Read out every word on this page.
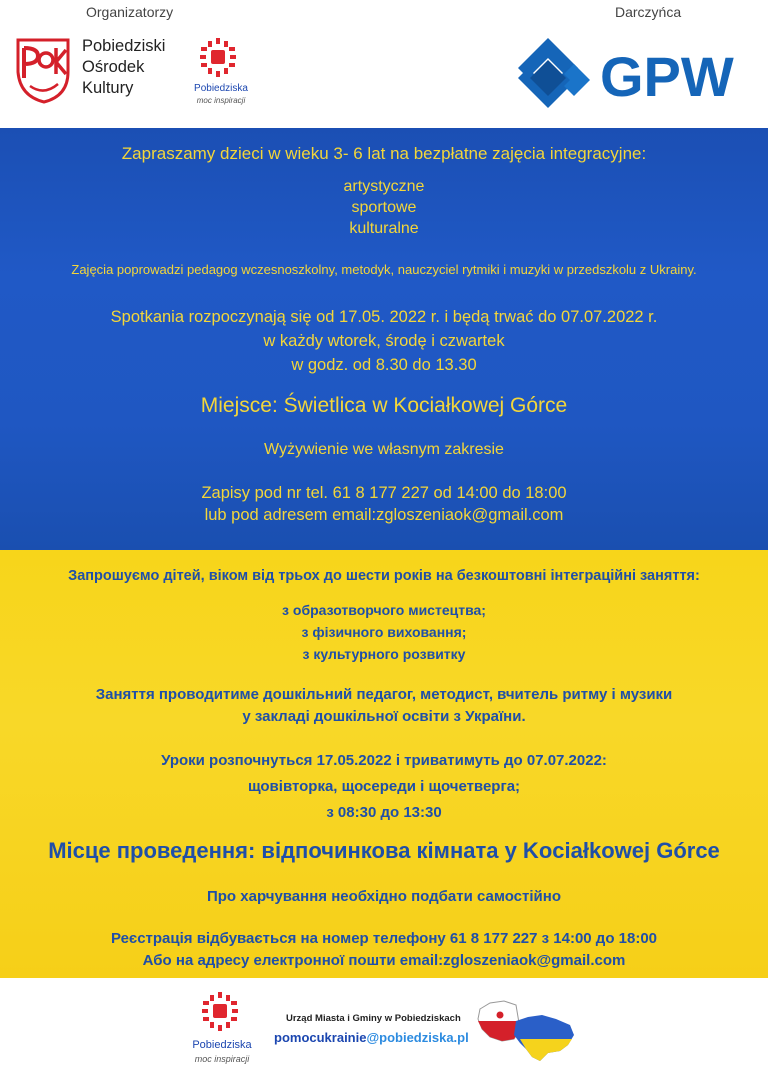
Organizatorzy	Darczyńca
Pobiedziski
Ośrodek
Kultury	Pobiedziska
moc inspiracji	GPW
Zapraszamy dzieci w wieku 3- 6 lat na bezpłatne zajęcia integracyjne:
artystyczne
sportowe
kulturalne
Zajęcia poprowadzi pedagog wczesnoszkolny, metodyk, nauczyciel rytmiki i muzyki w przedszkolu z Ukrainy.
Spotkania rozpoczynają się od 17.05. 2022 r. i będą trwać do 07.07.2022 r.
w każdy wtorek, środę i czwartek
w godz. od 8.30 do 13.30
Miejsce: Świetlica w Kociałkowej Górce
Wyżywienie we własnym zakresie
Zapisy pod nr tel. 61 8 177 227 od 14:00 do 18:00
lub pod adresem email:zgloszeniaok@gmail.com
Запрошуємо дітей, віком від трьох до шести років на безкоштовні інтеграційні заняття:
з образотворчого мистецтва;
з фізичного виховання;
з культурного розвитку
Заняття проводитиме дошкільний педагог, методист, вчитель ритму і музики
у закладі дошкільної освіти з України.
Уроки розпочнуться 17.05.2022 і триватимуть до 07.07.2022:
щовівторка, щосереди і щочетверга;
з 08:30 до 13:30
Місце проведення: відпочинкова кімната у Kociałkowej Górce
Про харчування необхідно подбати самостійно
Реєстрація відбувається на номер телефону 61 8 177 227 з 14:00 до 18:00
Або на адресу електронної пошти email:zgloszeniaok@gmail.com
Pobiedziska
moc inspiracji
Urząd Miasta i Gminy w Pobiedziskach
pomocukrainie@pobiedziska.pl
